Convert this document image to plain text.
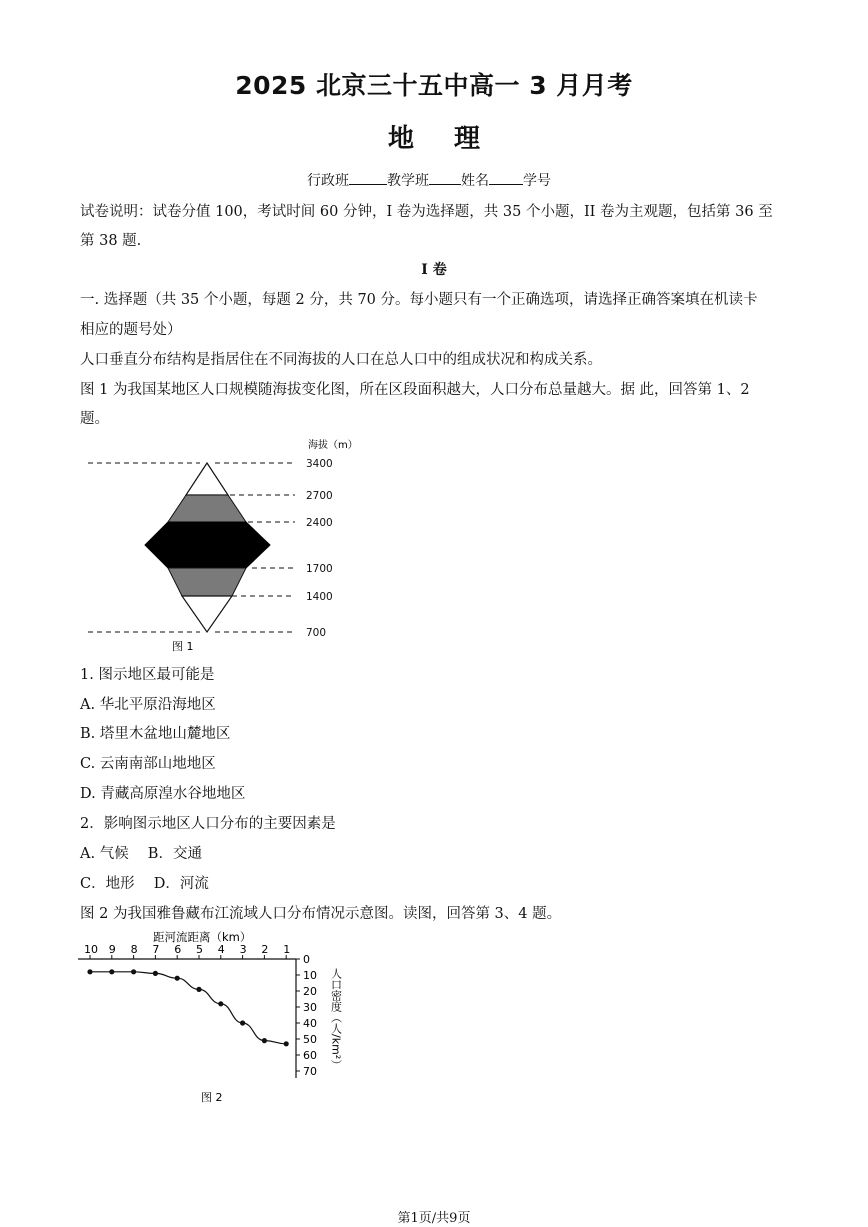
2025 北京三十五中高一 3 月月考
地理
行政班	教学班 姓名 学号
试卷说明：试卷分值 100，考试时间 60 分钟，I 卷为选择题，共 35 个小题，II 卷为主观题，包括第 36 至
第 38 题.
I 卷
一. 选择题（共 35 个小题，每题 2 分，共 70 分。每小题只有一个正确选项，请选择正确答案填在机读卡
相应的题号处）
人口垂直分布结构是指居住在不同海拔的人口在总人口中的组成状况和构成关系。
图 1 为我国某地区人口规模随海拔变化图，所在区段面积越大，人口分布总量越大。据 此，回答第 1、2
题。
海拔（m）
3400
2700
2400
1700
1400
700
图 1
1. 图示地区最可能是
A. 华北平原沿海地区
B. 塔里木盆地山麓地区
C. 云南南部山地地区
D. 青藏高原湟水谷地地区
2．影响图示地区人口分布的主要因素是
A. 气候　 B．交通
C．地形　 D．河流
图 2 为我国雅鲁藏布江流域人口分布情况示意图。读图，回答第 3、4 题。
距河流距离（km）
10 9 8 7 6 5 4 3 2 1
0
10
20
30
40
50
60
70
人口密度（人/km²）
图 2
第1页/共9页
